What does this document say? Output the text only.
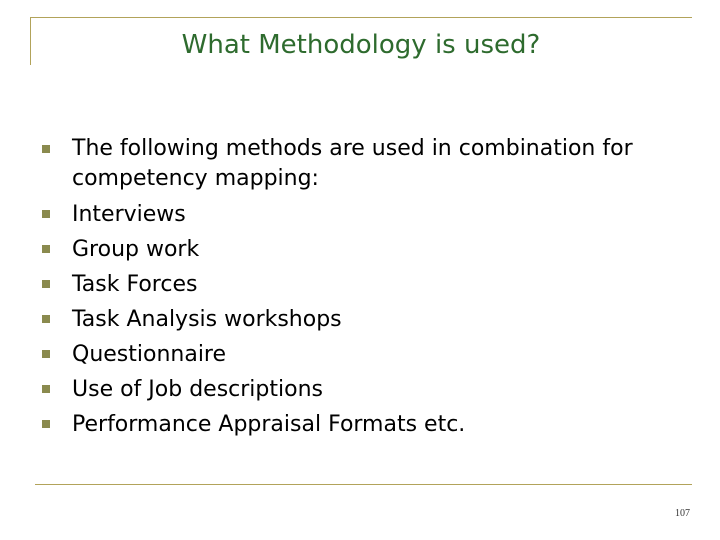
What Methodology is used?
The following methods are used in combination for competency mapping:
Interviews
Group work
Task Forces
Task Analysis workshops
Questionnaire
Use of Job descriptions
Performance Appraisal Formats etc.
107
